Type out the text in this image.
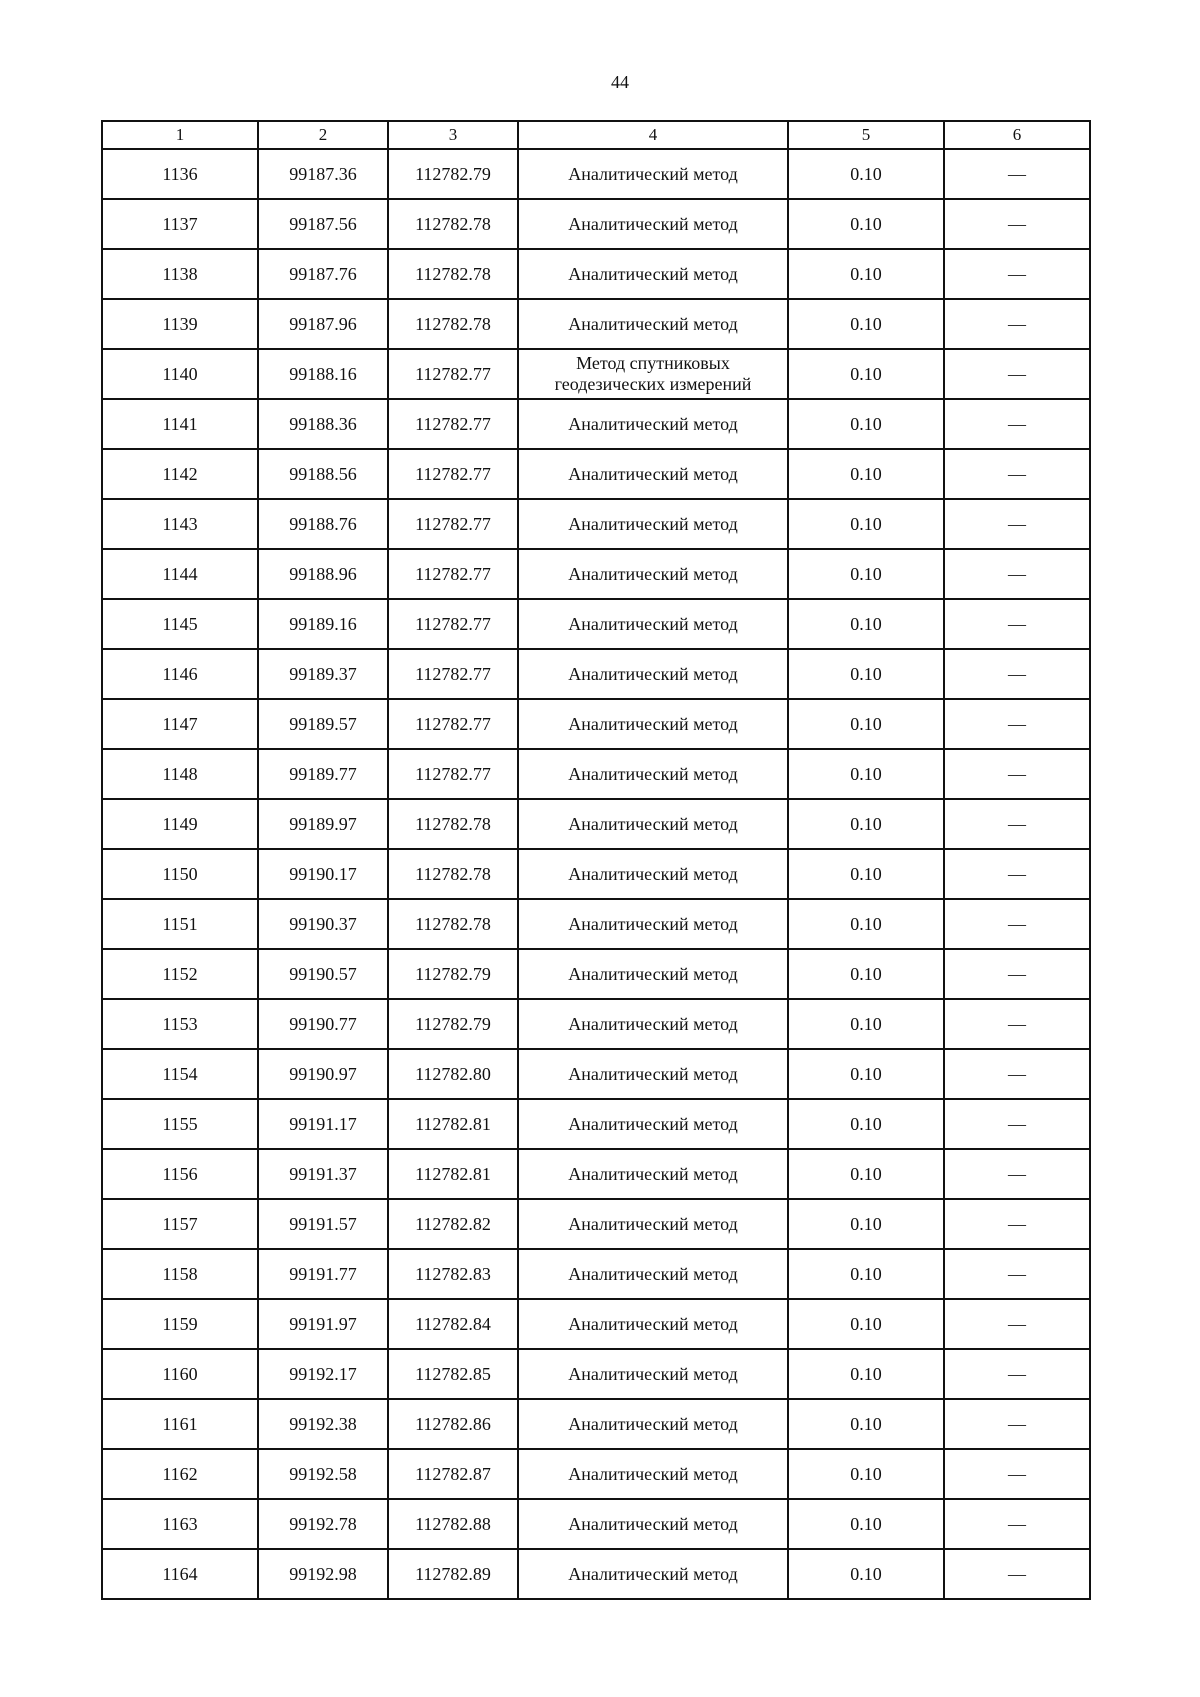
44
1	2	3	4	5	6
1136	99187.36	112782.79	Аналитический метод	0.10	—
1137	99187.56	112782.78	Аналитический метод	0.10	—
1138	99187.76	112782.78	Аналитический метод	0.10	—
1139	99187.96	112782.78	Аналитический метод	0.10	—
1140	99188.16	112782.77	Метод спутниковых геодезических измерений	0.10	—
1141	99188.36	112782.77	Аналитический метод	0.10	—
1142	99188.56	112782.77	Аналитический метод	0.10	—
1143	99188.76	112782.77	Аналитический метод	0.10	—
1144	99188.96	112782.77	Аналитический метод	0.10	—
1145	99189.16	112782.77	Аналитический метод	0.10	—
1146	99189.37	112782.77	Аналитический метод	0.10	—
1147	99189.57	112782.77	Аналитический метод	0.10	—
1148	99189.77	112782.77	Аналитический метод	0.10	—
1149	99189.97	112782.78	Аналитический метод	0.10	—
1150	99190.17	112782.78	Аналитический метод	0.10	—
1151	99190.37	112782.78	Аналитический метод	0.10	—
1152	99190.57	112782.79	Аналитический метод	0.10	—
1153	99190.77	112782.79	Аналитический метод	0.10	—
1154	99190.97	112782.80	Аналитический метод	0.10	—
1155	99191.17	112782.81	Аналитический метод	0.10	—
1156	99191.37	112782.81	Аналитический метод	0.10	—
1157	99191.57	112782.82	Аналитический метод	0.10	—
1158	99191.77	112782.83	Аналитический метод	0.10	—
1159	99191.97	112782.84	Аналитический метод	0.10	—
1160	99192.17	112782.85	Аналитический метод	0.10	—
1161	99192.38	112782.86	Аналитический метод	0.10	—
1162	99192.58	112782.87	Аналитический метод	0.10	—
1163	99192.78	112782.88	Аналитический метод	0.10	—
1164	99192.98	112782.89	Аналитический метод	0.10	—
